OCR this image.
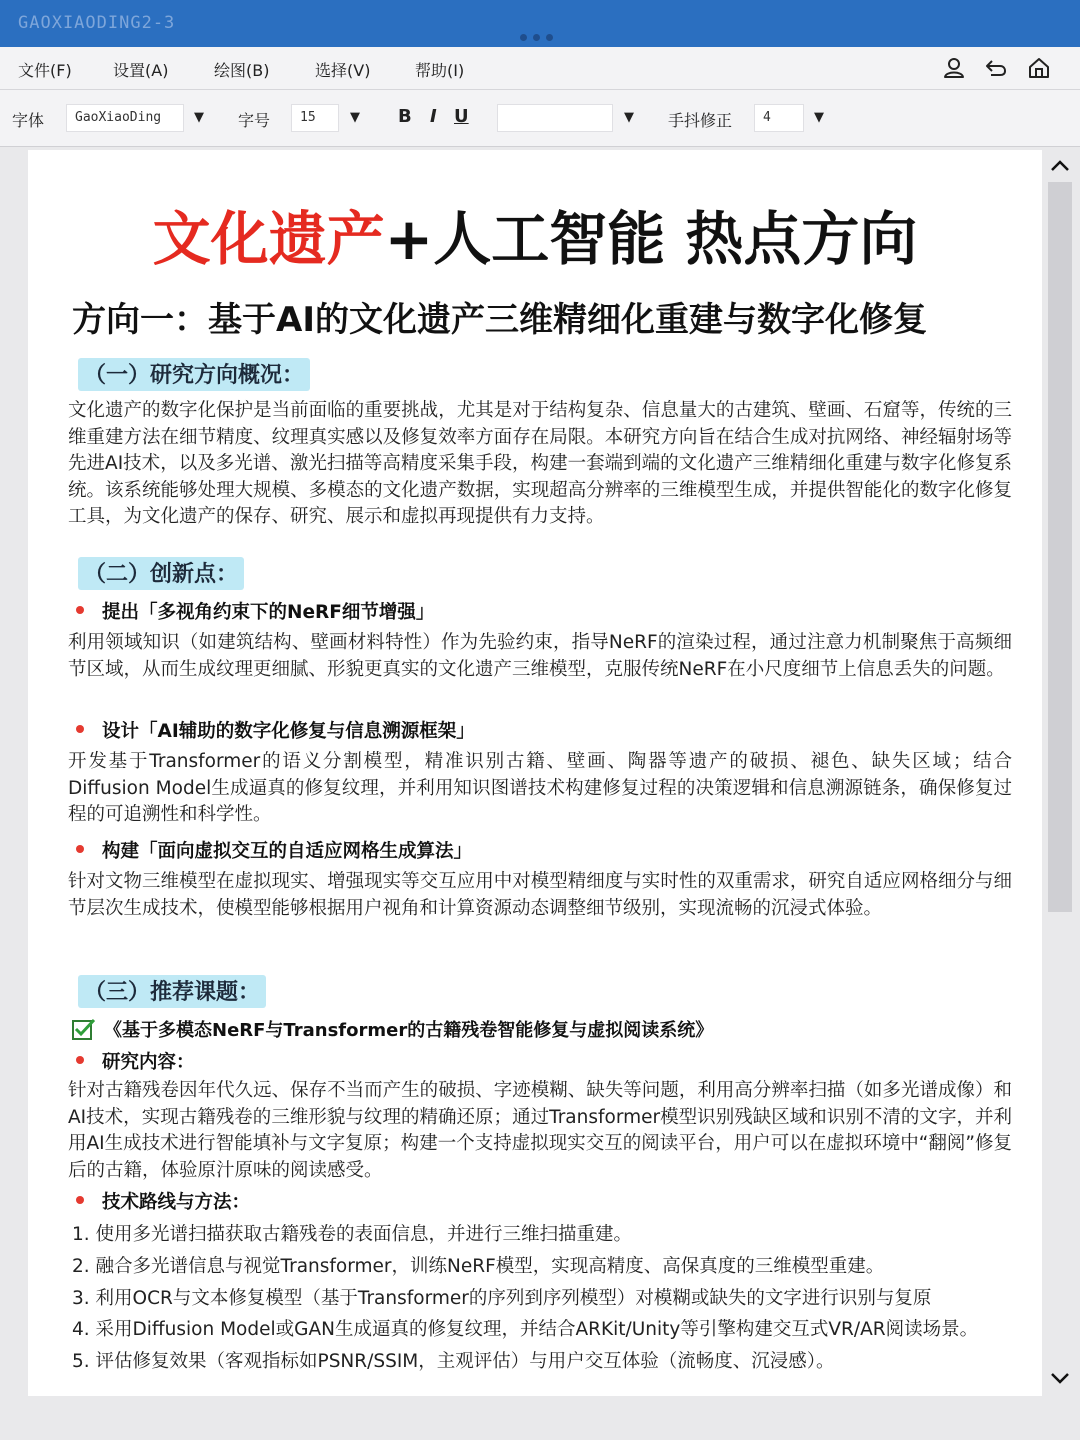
GAOXIAODING2-3
文件(F)	设置(A)	绘图(B)	选择(V)	帮助(I)
字体	GaoXiaoDing	▼	字号	15	▼	B I U	▼	手抖修正	4	▼
文化遗产+人工智能 热点方向
方向一：基于AI的文化遗产三维精细化重建与数字化修复
（一）研究方向概况：
文化遗产的数字化保护是当前面临的重要挑战，尤其是对于结构复杂、信息量大的古建筑、壁画、石窟等，传统的三维重建方法在细节精度、纹理真实感以及修复效率方面存在局限。本研究方向旨在结合生成对抗网络、神经辐射场等先进AI技术，以及多光谱、激光扫描等高精度采集手段，构建一套端到端的文化遗产三维精细化重建与数字化修复系统。该系统能够处理大规模、多模态的文化遗产数据，实现超高分辨率的三维模型生成，并提供智能化的数字化修复工具，为文化遗产的保存、研究、展示和虚拟再现提供有力支持。
（二）创新点：
提出「多视角约束下的NeRF细节增强」
利用领域知识（如建筑结构、壁画材料特性）作为先验约束，指导NeRF的渲染过程，通过注意力机制聚焦于高频细节区域，从而生成纹理更细腻、形貌更真实的文化遗产三维模型，克服传统NeRF在小尺度细节上信息丢失的问题。
设计「AI辅助的数字化修复与信息溯源框架」
开发基于Transformer的语义分割模型，精准识别古籍、壁画、陶器等遗产的破损、褪色、缺失区域；结合Diffusion Model生成逼真的修复纹理，并利用知识图谱技术构建修复过程的决策逻辑和信息溯源链条，确保修复过程的可追溯性和科学性。
构建「面向虚拟交互的自适应网格生成算法」
针对文物三维模型在虚拟现实、增强现实等交互应用中对模型精细度与实时性的双重需求，研究自适应网格细分与细节层次生成技术，使模型能够根据用户视角和计算资源动态调整细节级别，实现流畅的沉浸式体验。
（三）推荐课题：
《基于多模态NeRF与Transformer的古籍残卷智能修复与虚拟阅读系统》
研究内容：
针对古籍残卷因年代久远、保存不当而产生的破损、字迹模糊、缺失等问题，利用高分辨率扫描（如多光谱成像）和AI技术，实现古籍残卷的三维形貌与纹理的精确还原；通过Transformer模型识别残缺区域和识别不清的文字，并利用AI生成技术进行智能填补与文字复原；构建一个支持虚拟现实交互的阅读平台，用户可以在虚拟环境中“翻阅”修复后的古籍，体验原汁原味的阅读感受。
技术路线与方法：
1. 使用多光谱扫描获取古籍残卷的表面信息，并进行三维扫描重建。
2. 融合多光谱信息与视觉Transformer，训练NeRF模型，实现高精度、高保真度的三维模型重建。
3. 利用OCR与文本修复模型（基于Transformer的序列到序列模型）对模糊或缺失的文字进行识别与复原
4. 采用Diffusion Model或GAN生成逼真的修复纹理，并结合ARKit/Unity等引擎构建交互式VR/AR阅读场景。
5. 评估修复效果（客观指标如PSNR/SSIM，主观评估）与用户交互体验（流畅度、沉浸感）。
